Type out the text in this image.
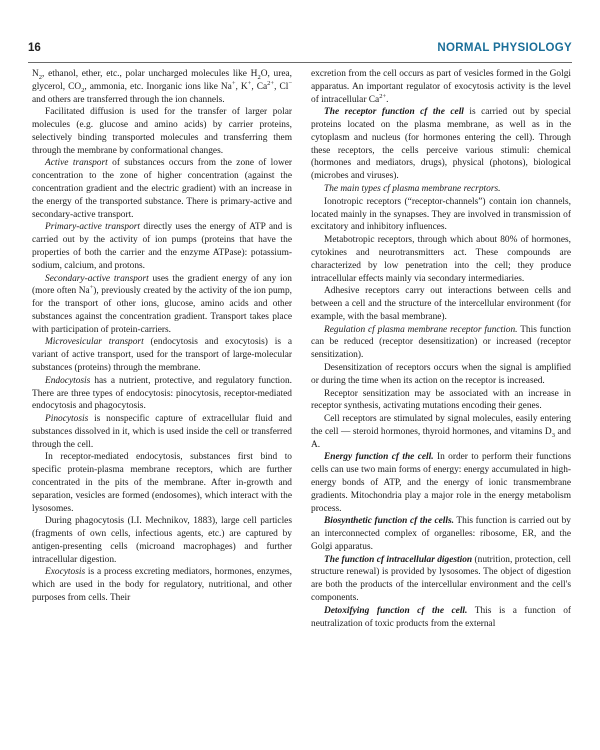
16	NORMAL PHYSIOLOGY

$N_2$, ethanol, ether, etc., polar uncharged molecules like $H_2O$, urea, glycerol, $CO_2$, ammonia, etc. Inorganic ions like Na+, K+, $Ca^{2+}$, Cl− and others are transferred through the ion channels.

Facilitated diffusion is used for the transfer of larger polar molecules (e.g. glucose and amino acids) by carrier proteins, selectively binding transported molecules and transferring them through the membrane by conformational changes.

Active transport of substances occurs from the zone of lower concentration to the zone of higher concentration (against the concentration gradient and the electric gradient) with an increase in the energy of the transported substance. There is primary-active and secondary-active transport.

Primary-active transport directly uses the energy of ATP and is carried out by the activity of ion pumps (proteins that have the properties of both the carrier and the enzyme ATPase): potassium-sodium, calcium, and protons.

Secondary-active transport uses the gradient energy of any ion (more often Na+), previously created by the activity of the ion pump, for the transport of other ions, glucose, amino acids and other substances against the concentration gradient. Transport takes place with participation of protein-carriers.

Microvesicular transport (endocytosis and exocytosis) is a variant of active transport, used for the transport of large-molecular substances (proteins) through the membrane.

Endocytosis has a nutrient, protective, and regulatory function. There are three types of endocytosis: pinocytosis, receptor-mediated endocytosis and phagocytosis.

Pinocytosis is nonspecific capture of extracellular fluid and substances dissolved in it, which is used inside the cell or transferred through the cell.

In receptor-mediated endocytosis, substances first bind to specific protein-plasma membrane receptors, which are further concentrated in the pits of the membrane. After in-growth and separation, vesicles are formed (endosomes), which interact with the lysosomes.

During phagocytosis (I.I. Mechnikov, 1883), large cell particles (fragments of own cells, infectious agents, etc.) are captured by antigen-presenting cells (microand macrophages) and further intracellular digestion.

Exocytosis is a process excreting mediators, hormones, enzymes, which are used in the body for regulatory, nutritional, and other purposes from cells. Their

excretion from the cell occurs as part of vesicles formed in the Golgi apparatus. An important regulator of exocytosis activity is the level of intracellular $Ca^{2+}$.

The receptor function cf the cell is carried out by special proteins located on the plasma membrane, as well as in the cytoplasm and nucleus (for hormones entering the cell). Through these receptors, the cells perceive various stimuli: chemical (hormones and mediators, drugs), physical (photons), biological (microbes and viruses).

The main types cf plasma membrane recrptors.

Ionotropic receptors (“receptor-channels”) contain ion channels, located mainly in the synapses. They are involved in transmission of excitatory and inhibitory influences.

Metabotropic receptors, through which about 80% of hormones, cytokines and neurotransmitters act. These compounds are characterized by low penetration into the cell; they produce intracellular effects mainly via secondary intermediaries.

Adhesive receptors carry out interactions between cells and between a cell and the structure of the intercellular environment (for example, with the basal membrane).

Regulation cf plasma membrane receptor function. This function can be reduced (receptor desensitization) or increased (receptor sensitization).

Desensitization of receptors occurs when the signal is amplified or during the time when its action on the receptor is increased.

Receptor sensitization may be associated with an increase in receptor synthesis, activating mutations encoding their genes.

Cell receptors are stimulated by signal molecules, easily entering the cell — steroid hormones, thyroid hormones, and vitamins $D_3$ and A.

Energy function cf the cell. In order to perform their functions cells can use two main forms of energy: energy accumulated in high-energy bonds of ATP, and the energy of ionic transmembrane gradients. Mitochondria play a major role in the energy metabolism process.

Biosynthetic function cf the cells. This function is carried out by an interconnected complex of organelles: ribosome, ER, and the Golgi apparatus.

The function cf intracellular digestion (nutrition, protection, cell structure renewal) is provided by lysosomes. The object of digestion are both the products of the intercellular environment and the cell's components.

Detoxifying function cf the cell. This is a function of neutralization of toxic products from the external
